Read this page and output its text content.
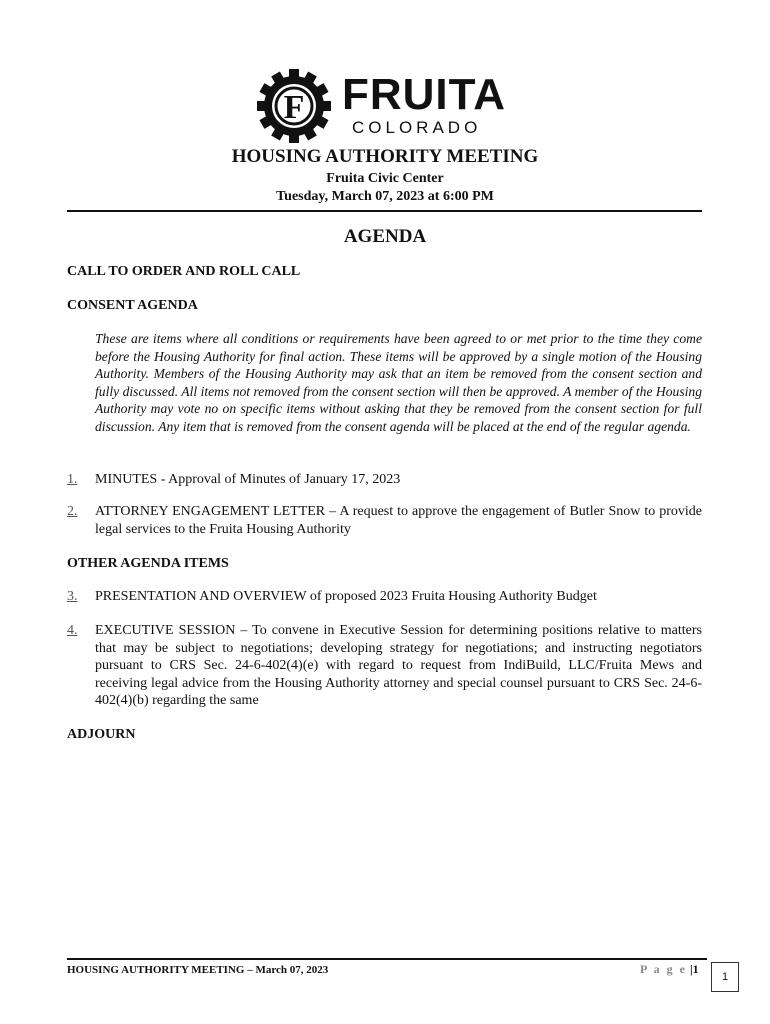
F FRUITA
COLORADO
HOUSING AUTHORITY MEETING
Fruita Civic Center
Tuesday, March 07, 2023 at 6:00 PM
AGENDA
CALL TO ORDER AND ROLL CALL
CONSENT AGENDA
These are items where all conditions or requirements have been agreed to or met prior to the time they come before the Housing Authority for final action. These items will be approved by a single motion of the Housing Authority. Members of the Housing Authority may ask that an item be removed from the consent section and fully discussed. All items not removed from the consent section will then be approved. A member of the Housing Authority may vote no on specific items without asking that they be removed from the consent section for full discussion. Any item that is removed from the consent agenda will be placed at the end of the regular agenda.
1. MINUTES - Approval of Minutes of January 17, 2023
2. ATTORNEY ENGAGEMENT LETTER – A request to approve the engagement of Butler Snow to provide legal services to the Fruita Housing Authority
OTHER AGENDA ITEMS
3. PRESENTATION AND OVERVIEW of proposed 2023 Fruita Housing Authority Budget
4. EXECUTIVE SESSION – To convene in Executive Session for determining positions relative to matters that may be subject to negotiations; developing strategy for negotiations; and instructing negotiators pursuant to CRS Sec. 24-6-402(4)(e) with regard to request from IndiBuild, LLC/Fruita Mews and receiving legal advice from the Housing Authority attorney and special counsel pursuant to CRS Sec. 24-6-402(4)(b) regarding the same
ADJOURN
HOUSING AUTHORITY MEETING – March 07, 2023	P a g e |1
1
